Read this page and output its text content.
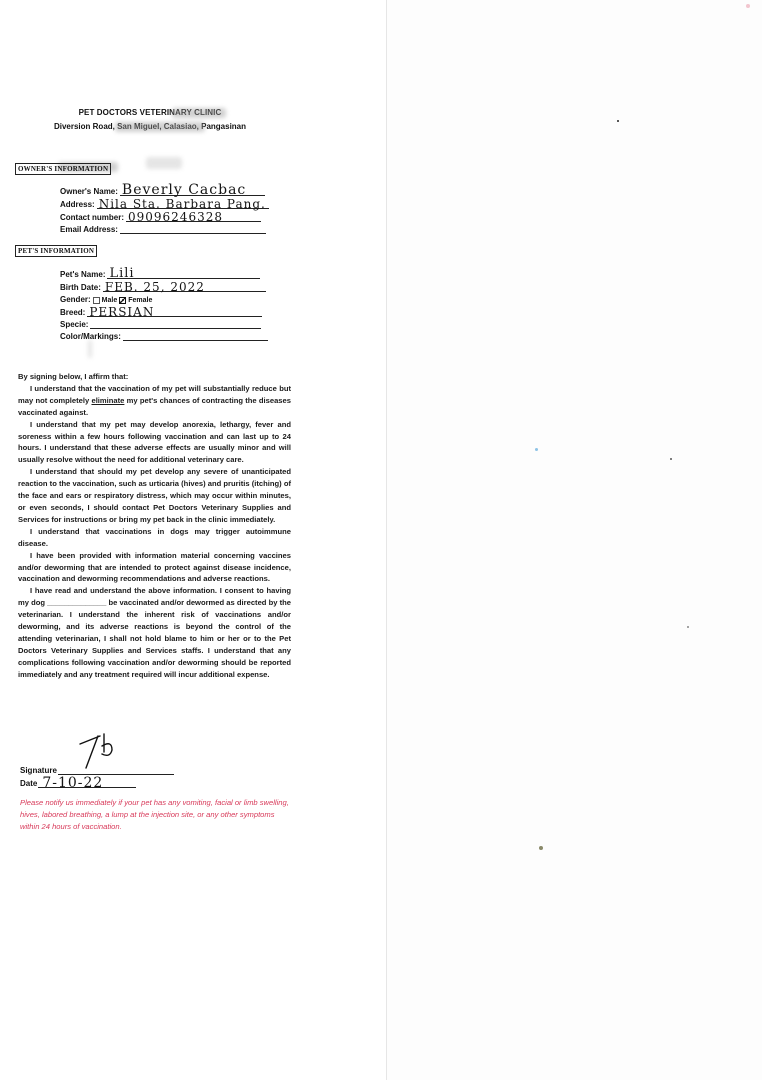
PET DOCTORS VETERINARY CLINIC
Diversion Road, San Miguel, Calasiao, Pangasinan
OWNER'S INFORMATION
Owner's Name: Beverly Cacbac
Address: Nila Sta. Barbara Pang.
Contact number: 09096246328
Email Address:
PET'S INFORMATION
Pet's Name: Lili
Birth Date: FEB. 25, 2022
Gender: Male Female
Breed: PERSIAN
Specie:
Color/Markings:

By signing below, I affirm that:

I understand that the vaccination of my pet will substantially reduce but may not completely eliminate my pet's chances of contracting the diseases vaccinated against.

I understand that my pet may develop anorexia, lethargy, fever and soreness within a few hours following vaccination and can last up to 24 hours. I understand that these adverse effects are usually minor and will usually resolve without the need for additional veterinary care.

I understand that should my pet develop any severe of unanticipated reaction to the vaccination, such as urticaria (hives) and pruritis (itching) of the face and ears or respiratory distress, which may occur within minutes, or even seconds, I should contact Pet Doctors Veterinary Supplies and Services for instructions or bring my pet back in the clinic immediately.

I understand that vaccinations in dogs may trigger autoimmune disease.

I have been provided with information material concerning vaccines and/or deworming that are intended to protect against disease incidence, vaccination and deworming recommendations and adverse reactions.

I have read and understand the above information. I consent to having my dog ______________ be vaccinated and/or dewormed as directed by the veterinarian. I understand the inherent risk of vaccinations and/or deworming, and its adverse reactions is beyond the control of the attending veterinarian, I shall not hold blame to him or her or to the Pet Doctors Veterinary Supplies and Services staffs. I understand that any complications following vaccination and/or deworming should be reported immediately and any treatment required will incur additional expense.

Signature
Date 7-10-22
Please notify us immediately if your pet has any vomiting, facial or limb swelling, hives, labored breathing, a lump at the injection site, or any other symptoms within 24 hours of vaccination.
